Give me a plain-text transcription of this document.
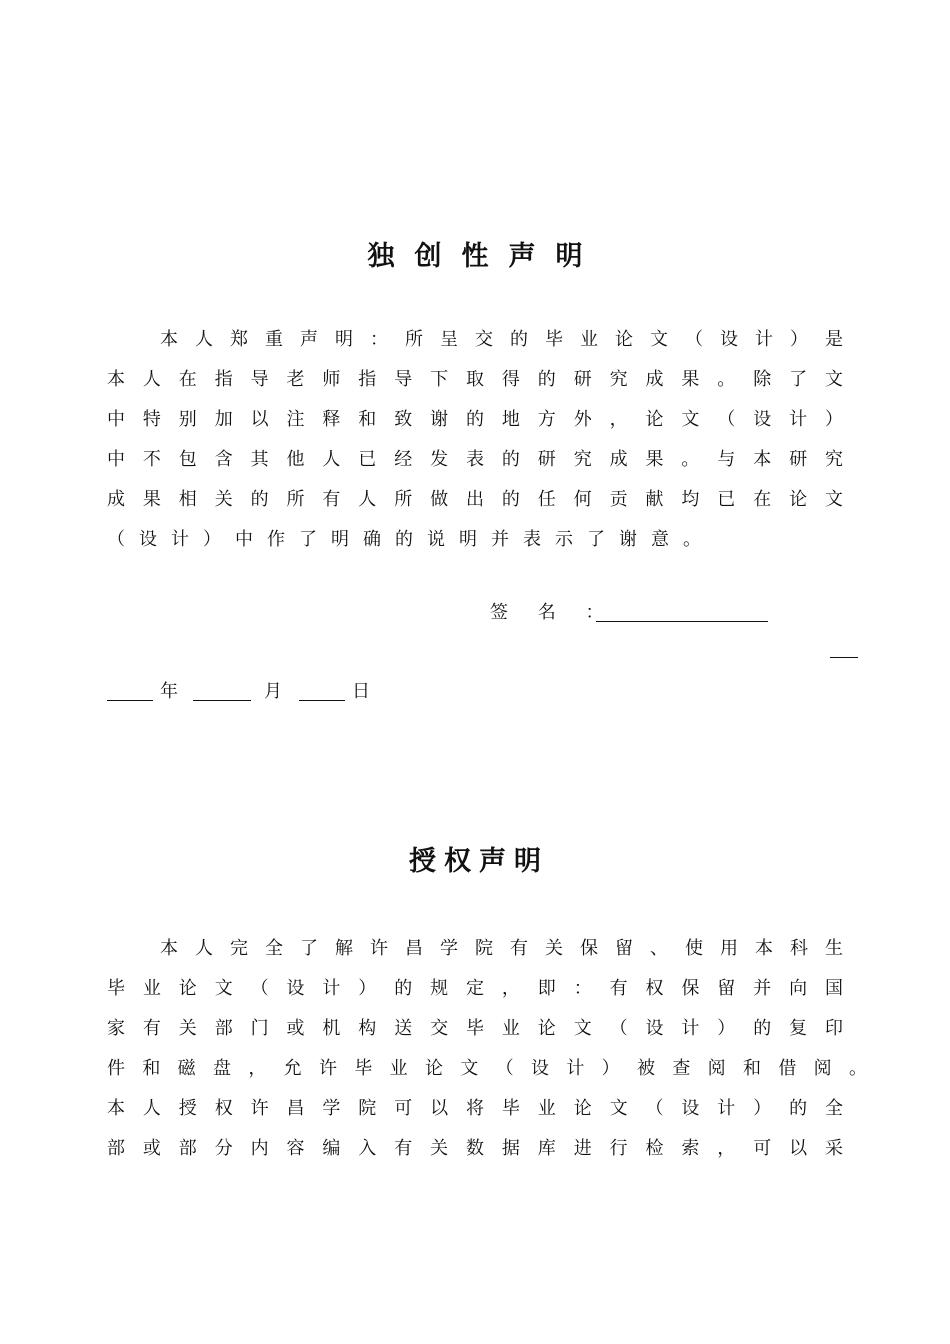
独创性声明

本人郑重声明：所呈交的毕业论文（设计）是

本人在指导老师指导下取得的研究成果。除了文

中特别加以注释和致谢的地方外，论文（设计）

中不包含其他人已经发表的研究成果。与本研究

成果相关的所有人所做出的任何贡献均已在论文

（设计）中作了明确的说明并表示了谢意。

签 名 ：
年	月	日
授权声明

本人完全了解许昌学院有关保留、使用本科生

毕业论文（设计）的规定，即：有权保留并向国

家有关部门或机构送交毕业论文（设计）的复印

件和磁盘，允许毕业论文（设计）被查阅和借阅。

本人授权许昌学院可以将毕业论文（设计）的全

部或部分内容编入有关数据库进行检索，可以采
